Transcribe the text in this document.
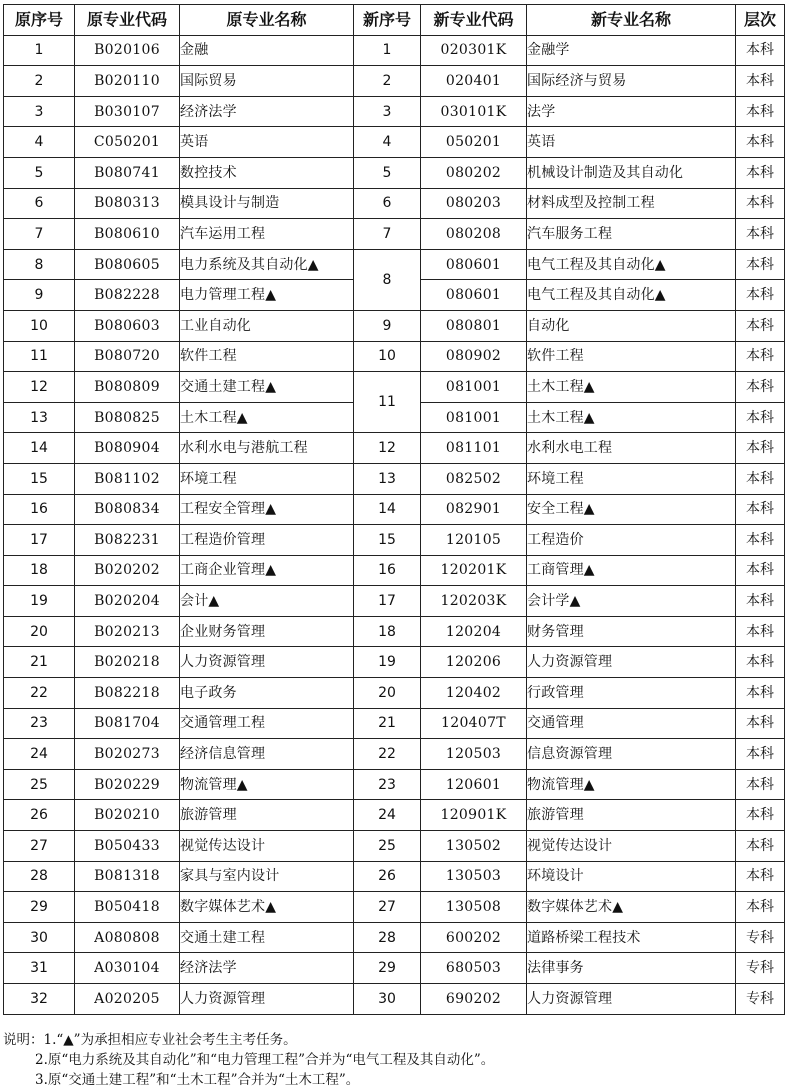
原序号	原专业代码	原专业名称	新序号	新专业代码	新专业名称	层次
1	B020106	金融	1	020301K	金融学	本科
2	B020110	国际贸易	2	020401	国际经济与贸易	本科
3	B030107	经济法学	3	030101K	法学	本科
4	C050201	英语	4	050201	英语	本科
5	B080741	数控技术	5	080202	机械设计制造及其自动化	本科
6	B080313	模具设计与制造	6	080203	材料成型及控制工程	本科
7	B080610	汽车运用工程	7	080208	汽车服务工程	本科
8	B080605	电力系统及其自动化▲	8	080601	电气工程及其自动化▲	本科
9	B082228	电力管理工程▲		080601	电气工程及其自动化▲	本科
10	B080603	工业自动化	9	080801	自动化	本科
11	B080720	软件工程	10	080902	软件工程	本科
12	B080809	交通土建工程▲	11	081001	土木工程▲	本科
13	B080825	土木工程▲		081001	土木工程▲	本科
14	B080904	水利水电与港航工程	12	081101	水利水电工程	本科
15	B081102	环境工程	13	082502	环境工程	本科
16	B080834	工程安全管理▲	14	082901	安全工程▲	本科
17	B082231	工程造价管理	15	120105	工程造价	本科
18	B020202	工商企业管理▲	16	120201K	工商管理▲	本科
19	B020204	会计▲	17	120203K	会计学▲	本科
20	B020213	企业财务管理	18	120204	财务管理	本科
21	B020218	人力资源管理	19	120206	人力资源管理	本科
22	B082218	电子政务	20	120402	行政管理	本科
23	B081704	交通管理工程	21	120407T	交通管理	本科
24	B020273	经济信息管理	22	120503	信息资源管理	本科
25	B020229	物流管理▲	23	120601	物流管理▲	本科
26	B020210	旅游管理	24	120901K	旅游管理	本科
27	B050433	视觉传达设计	25	130502	视觉传达设计	本科
28	B081318	家具与室内设计	26	130503	环境设计	本科
29	B050418	数字媒体艺术▲	27	130508	数字媒体艺术▲	本科
30	A080808	交通土建工程	28	600202	道路桥梁工程技术	专科
31	A030104	经济法学	29	680503	法律事务	专科
32	A020205	人力资源管理	30	690202	人力资源管理	专科
说明：1.“▲”为承担相应专业社会考生主考任务。
2.原“电力系统及其自动化”和“电力管理工程”合并为“电气工程及其自动化”。
3.原“交通土建工程”和“土木工程”合并为“土木工程”。
